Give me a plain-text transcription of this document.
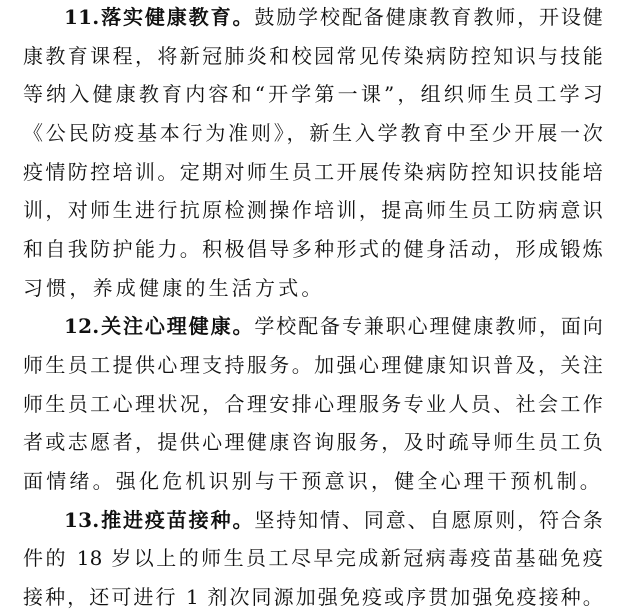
11.落实健康教育。鼓励学校配备健康教育教师，开设健
康教育课程，将新冠肺炎和校园常见传染病防控知识与技能
等纳入健康教育内容和“开学第一课”，组织师生员工学习
《公民防疫基本行为准则》，新生入学教育中至少开展一次
疫情防控培训。定期对师生员工开展传染病防控知识技能培
训，对师生进行抗原检测操作培训，提高师生员工防病意识
和自我防护能力。积极倡导多种形式的健身活动，形成锻炼
习惯，养成健康的生活方式。
12.关注心理健康。学校配备专兼职心理健康教师，面向
师生员工提供心理支持服务。加强心理健康知识普及，关注
师生员工心理状况，合理安排心理服务专业人员、社会工作
者或志愿者，提供心理健康咨询服务，及时疏导师生员工负
面情绪。强化危机识别与干预意识，健全心理干预机制。
13.推进疫苗接种。坚持知情、同意、自愿原则，符合条
件的 18 岁以上的师生员工尽早完成新冠病毒疫苗基础免疫
接种，还可进行 1 剂次同源加强免疫或序贯加强免疫接种。
